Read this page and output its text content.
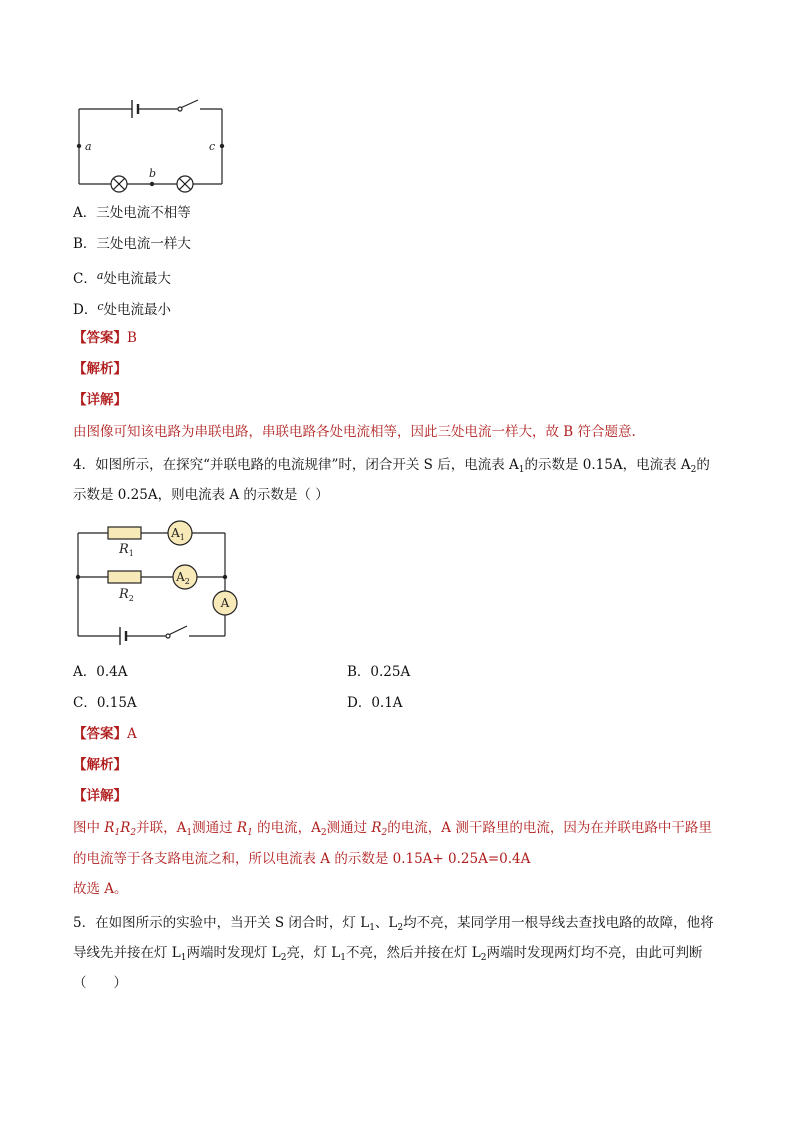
a	c
b
A．三处电流不相等
B．三处电流一样大
C．$^a$处电流最大
D．$^c$处电流最小
【答案】B
【解析】
【详解】
由图像可知该电路为串联电路，串联电路各处电流相等，因此三处电流一样大，故 B 符合题意.
4．如图所示，在探究“并联电路的电流规律”时，闭合开关 S 后，电流表 $A_1$的示数是 0.15A，电流表 $A_2$的
示数是 0.25A，则电流表 A 的示数是（ ）
$A_1$
$A_2$
A
$R_1$
$R_2$
A．0.4A	B．0.25A
C．0.15A	D．0.1A
【答案】A
【解析】
【详解】
图中 $R_1R_2$并联，$A_1$测通过 $R_1$ 的电流，$A_2$测通过 $R_2$的电流，A 测干路里的电流，因为在并联电路中干路里
的电流等于各支路电流之和，所以电流表 A 的示数是 0.15A+ 0.25A=0.4A
故选 A。
5．在如图所示的实验中，当开关 S 闭合时，灯 $L_1$、$L_2$均不亮，某同学用一根导线去查找电路的故障，他将
导线先并接在灯 $L_1$两端时发现灯 $L_2$亮，灯 $L_1$不亮，然后并接在灯 $L_2$两端时发现两灯均不亮，由此可判断
（　　）
